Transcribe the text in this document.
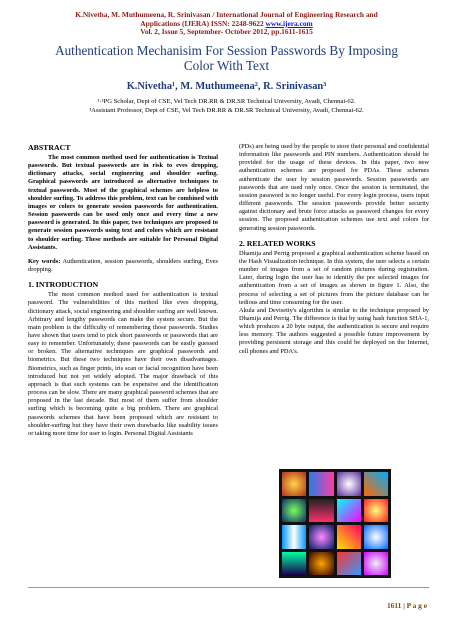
K.Nivetha, M. Muthumeena, R. Srinivasan / International Journal of Engineering Research and
Applications (IJERA) ISSN: 2248-9622 www.ijera.com
Vol. 2, Issue 5, September- October 2012, pp.1611-1615
Authentication Mechanisim For Session Passwords By Imposing Color With Text
K.Nivetha¹, M. Muthumeena², R. Srinivasan³
¹·²PG Scholar, Dept of CSE, Vel Tech DR.RR & DR.SR Technical University, Avadi, Chennai-62.
³Assistant Professor, Dept of CSE, Vel Tech DR.RR & DR.SR Technical University, Avadi, Chennai-62.
ABSTRACT

The most common method used for authentication is Textual passwords. But textual passwords are in risk to eves dropping, dictionary attacks, social engineering and shoulder surfing. Graphical passwords are introduced as alternative techniques to textual passwords. Most of the graphical schemes are helpless to shoulder surfing. To address this problem, text can be combined with images or colors to generate session passwords for authentication. Session passwords can be used only once and every time a new password is generated. In this paper, two techniques are proposed to generate session passwords using text and colors which are resistant to shoulder surfing. These methods are suitable for Personal Digital Assistants.

Key words: Authentication, session passwords, shoulders surfing, Eves dropping.

1. INTRODUCTION

The most common method used for authentication is textual password. The vulnerabilities of this method like eves dropping, dictionary attack, social engineering and shoulder surfing are well known. Arbitrary and lengthy passwords can make the system secure. But the main problem is the difficulty of remembering those passwords. Studies have shown that users tend to pick short passwords or passwords that are easy to remember. Unfortunately, these passwords can be easily guessed or broken. The alternative techniques are graphical passwords and biometrics. But these two techniques have their own disadvantages. Biometrics, such as finger prints, iris scan or facial recognition have been introduced but not yet widely adopted. The major drawback of this approach is that such systems can be expensive and the identification process can be slow. There are many graphical password schemes that are proposed in the last decade. But most of them suffer from shoulder surfing which is becoming quite a big problem. There are graphical passwords schemes that have been proposed which are resistant to shoulder-surfing but they have their own drawbacks like usability issues or taking more time for user to login. Personal Digital Assistants

(PDs) are being used by the people to store their personal and confidential information like passwords and PIN numbers. Authentication should be provided for the usage of these devices. In this paper, two new authentication schemes are proposed for PDAs. These schemes authenticate the user by session passwords. Session passwords are passwords that are used only once. Once the session is terminated, the session password is no longer useful. For every login process, users input different passwords. The session passwords provide better security against dictionary and brute force attacks as password changes for every session. The proposed authentication schemes use text and colors for generating session passwords.

2. RELATED WORKS

Dhamija and Perrig proposed a graphical authentication scheme based on the Hash Visualization technique. In this system, the user selects a certain number of images from a set of random pictures during registration. Later, during login the user has to identify the pre selected images for authentication from a set of images as shown in figure 1. Also, the process of selecting a set of pictures from the picture database can be tedious and time consuming for the user.

Akula and Devisetty's algorithm is similar to the technique proposed by Dhamija and Perrig. The difference is that by using hash function SHA-1, which produces a 20 byte output, the authentication is secure and require less memory. The authors suggested a possible future improvement by providing persistent storage and this could be deployed on the Internet, cell phones and PDA's.

1611 | P a g e
